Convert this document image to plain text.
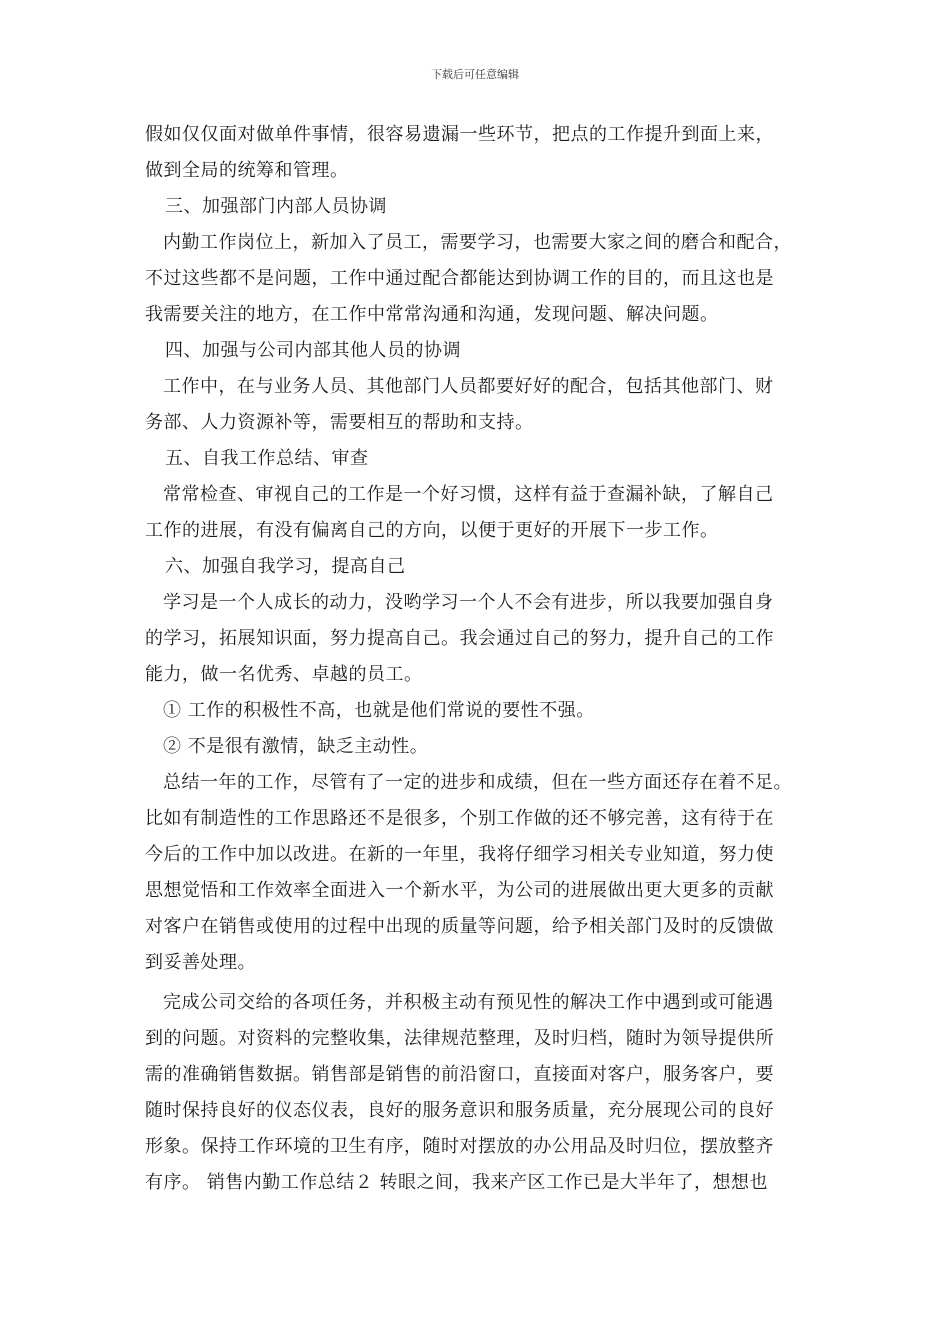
下载后可任意编辑
假如仅仅面对做单件事情，很容易遗漏一些环节，把点的工作提升到面上来，
做到全局的统筹和管理。
三、加强部门内部人员协调
内勤工作岗位上，新加入了员工，需要学习，也需要大家之间的磨合和配合，
不过这些都不是问题，工作中通过配合都能达到协调工作的目的，而且这也是
我需要关注的地方，在工作中常常沟通和沟通，发现问题、解决问题。
四、加强与公司内部其他人员的协调
工作中，在与业务人员、其他部门人员都要好好的配合，包括其他部门、财
务部、人力资源补等，需要相互的帮助和支持。
五、自我工作总结、审查
常常检查、审视自己的工作是一个好习惯，这样有益于查漏补缺，了解自己
工作的进展，有没有偏离自己的方向，以便于更好的开展下一步工作。
六、加强自我学习，提高自己
学习是一个人成长的动力，没哟学习一个人不会有进步，所以我要加强自身
的学习，拓展知识面，努力提高自己。我会通过自己的努力，提升自己的工作
能力，做一名优秀、卓越的员工。
① 工作的积极性不高，也就是他们常说的要性不强。
② 不是很有激情，缺乏主动性。
总结一年的工作，尽管有了一定的进步和成绩，但在一些方面还存在着不足。
比如有制造性的工作思路还不是很多，个别工作做的还不够完善，这有待于在
今后的工作中加以改进。在新的一年里，我将仔细学习相关专业知道，努力使
思想觉悟和工作效率全面进入一个新水平，为公司的进展做出更大更多的贡献
对客户在销售或使用的过程中出现的质量等问题，给予相关部门及时的反馈做
到妥善处理。
完成公司交给的各项任务，并积极主动有预见性的解决工作中遇到或可能遇
到的问题。对资料的完整收集，法律规范整理，及时归档，随时为领导提供所
需的准确销售数据。销售部是销售的前沿窗口，直接面对客户，服务客户，要
随时保持良好的仪态仪表，良好的服务意识和服务质量，充分展现公司的良好
形象。保持工作环境的卫生有序，随时对摆放的办公用品及时归位，摆放整齐
有序。 销售内勤工作总结２ 转眼之间，我来产区工作已是大半年了，想想也
